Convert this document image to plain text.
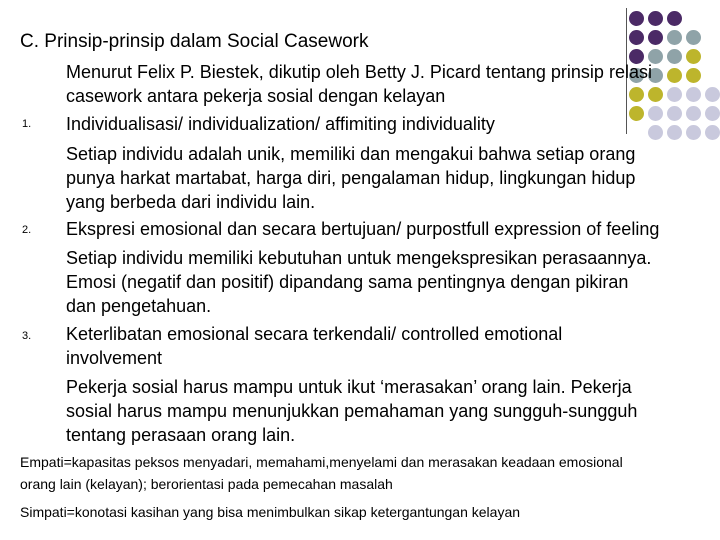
C. Prinsip-prinsip dalam Social Casework
Menurut Felix P. Biestek, dikutip oleh Betty J. Picard tentang prinsip relasi
casework antara pekerja sosial dengan kelayan
1. Individualisasi/ individualization/ affimiting individuality
Setiap individu adalah unik, memiliki dan mengakui bahwa setiap orang
punya harkat martabat, harga diri, pengalaman hidup, lingkungan hidup
yang berbeda dari individu lain.
2. Ekspresi emosional dan secara bertujuan/ purpostfull expression of feeling
Setiap individu memiliki kebutuhan untuk mengekspresikan perasaannya.
Emosi (negatif dan positif) dipandang sama pentingnya dengan pikiran
dan pengetahuan.
3. Keterlibatan emosional secara terkendali/ controlled emotional
involvement
Pekerja sosial harus mampu untuk ikut ‘merasakan’ orang lain. Pekerja
sosial harus mampu menunjukkan pemahaman yang sungguh-sungguh
tentang perasaan orang lain.
Empati=kapasitas peksos menyadari, memahami,menyelami dan merasakan keadaan emosional
orang lain (kelayan); berorientasi pada pemecahan masalah
Simpati=konotasi kasihan yang bisa menimbulkan sikap ketergantungan kelayan
